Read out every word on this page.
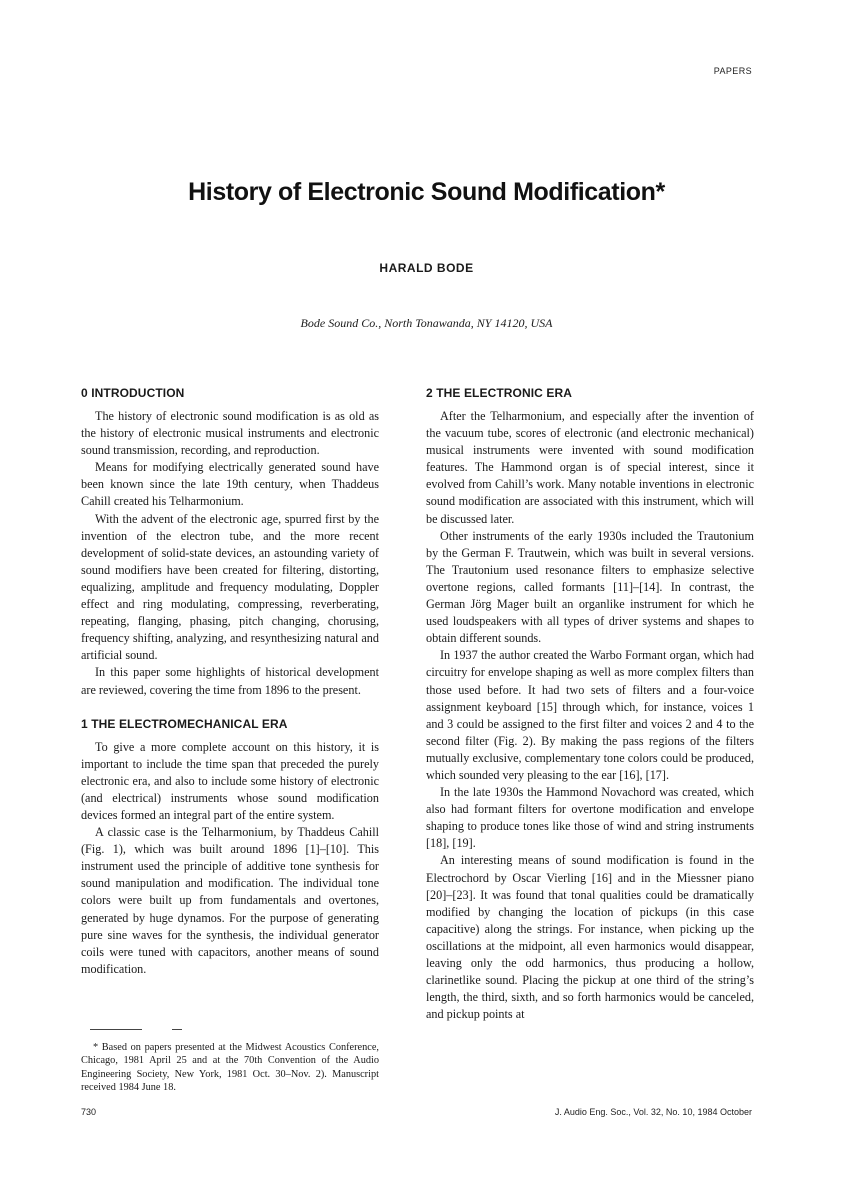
PAPERS
History of Electronic Sound Modification*
HARALD BODE
Bode Sound Co., North Tonawanda, NY 14120, USA
0 INTRODUCTION

The history of electronic sound modification is as old as the history of electronic musical instruments and electronic sound transmission, recording, and reproduction.

Means for modifying electrically generated sound have been known since the late 19th century, when Thaddeus Cahill created his Telharmonium.

With the advent of the electronic age, spurred first by the invention of the electron tube, and the more recent development of solid-state devices, an astounding variety of sound modifiers have been created for filtering, distorting, equalizing, amplitude and frequency modulating, Doppler effect and ring modulating, compressing, reverberating, repeating, flanging, phasing, pitch changing, chorusing, frequency shifting, analyzing, and resynthesizing natural and artificial sound.

In this paper some highlights of historical development are reviewed, covering the time from 1896 to the present.

1 THE ELECTROMECHANICAL ERA

To give a more complete account on this history, it is important to include the time span that preceded the purely electronic era, and also to include some history of electronic (and electrical) instruments whose sound modification devices formed an integral part of the entire system.

A classic case is the Telharmonium, by Thaddeus Cahill (Fig. 1), which was built around 1896 [1]–[10]. This instrument used the principle of additive tone synthesis for sound manipulation and modification. The individual tone colors were built up from fundamentals and overtones, generated by huge dynamos. For the purpose of generating pure sine waves for the synthesis, the individual generator coils were tuned with capacitors, another means of sound modification.

* Based on papers presented at the Midwest Acoustics Conference, Chicago, 1981 April 25 and at the 70th Convention of the Audio Engineering Society, New York, 1981 Oct. 30–Nov. 2). Manuscript received 1984 June 18.
2 THE ELECTRONIC ERA

After the Telharmonium, and especially after the invention of the vacuum tube, scores of electronic (and electronic mechanical) musical instruments were invented with sound modification features. The Hammond organ is of special interest, since it evolved from Cahill’s work. Many notable inventions in electronic sound modification are associated with this instrument, which will be discussed later.

Other instruments of the early 1930s included the Trautonium by the German F. Trautwein, which was built in several versions. The Trautonium used resonance filters to emphasize selective overtone regions, called formants [11]–[14]. In contrast, the German Jörg Mager built an organlike instrument for which he used loudspeakers with all types of driver systems and shapes to obtain different sounds.

In 1937 the author created the Warbo Formant organ, which had circuitry for envelope shaping as well as more complex filters than those used before. It had two sets of filters and a four-voice assignment keyboard [15] through which, for instance, voices 1 and 3 could be assigned to the first filter and voices 2 and 4 to the second filter (Fig. 2). By making the pass regions of the filters mutually exclusive, complementary tone colors could be produced, which sounded very pleasing to the ear [16], [17].

In the late 1930s the Hammond Novachord was created, which also had formant filters for overtone modification and envelope shaping to produce tones like those of wind and string instruments [18], [19].

An interesting means of sound modification is found in the Electrochord by Oscar Vierling [16] and in the Miessner piano [20]–[23]. It was found that tonal qualities could be dramatically modified by changing the location of pickups (in this case capacitive) along the strings. For instance, when picking up the oscillations at the midpoint, all even harmonics would disappear, leaving only the odd harmonics, thus producing a hollow, clarinetlike sound. Placing the pickup at one third of the string’s length, the third, sixth, and so forth harmonics would be canceled, and pickup points at

730	J. Audio Eng. Soc., Vol. 32, No. 10, 1984 October
